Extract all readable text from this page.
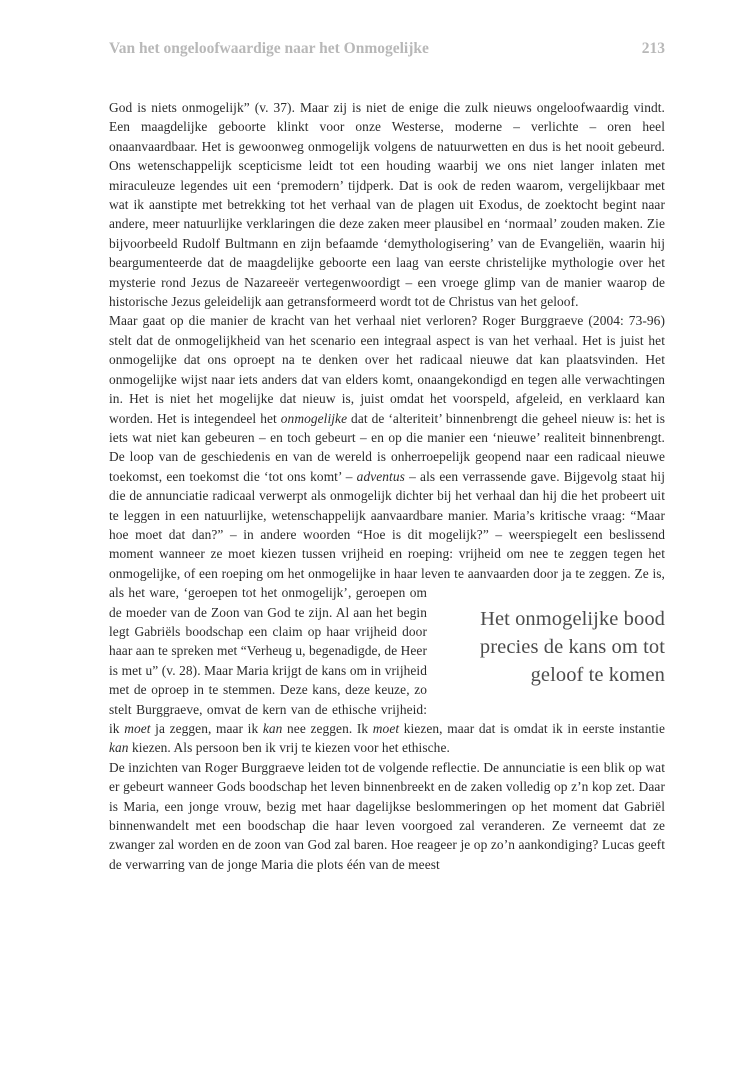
Van het ongeloofwaardige naar het Onmogelijke	213

God is niets onmogelijk” (v. 37). Maar zij is niet de enige die zulk nieuws ongeloofwaardig vindt. Een maagdelijke geboorte klinkt voor onze Westerse, moderne – verlichte – oren heel onaanvaardbaar. Het is gewoonweg onmogelijk volgens de natuurwetten en dus is het nooit gebeurd. Ons wetenschappelijk scepticisme leidt tot een houding waarbij we ons niet langer inlaten met miraculeuze legendes uit een ‘premodern’ tijdperk. Dat is ook de reden waarom, vergelijkbaar met wat ik aanstipte met betrekking tot het verhaal van de plagen uit Exodus, de zoektocht begint naar andere, meer natuurlijke verklaringen die deze zaken meer plausibel en ‘normaal’ zouden maken. Zie bijvoorbeeld Rudolf Bultmann en zijn befaamde ‘demythologisering’ van de Evangeliën, waarin hij beargumenteerde dat de maagdelijke geboorte een laag van eerste christelijke mythologie over het mysterie rond Jezus de Nazareeër vertegenwoordigt – een vroege glimp van de manier waarop de historische Jezus geleidelijk aan getransformeerd wordt tot de Christus van het geloof.

Maar gaat op die manier de kracht van het verhaal niet verloren? Roger Burggraeve (2004: 73-96) stelt dat de onmogelijkheid van het scenario een integraal aspect is van het verhaal. Het is juist het onmogelijke dat ons oproept na te denken over het radicaal nieuwe dat kan plaatsvinden. Het onmogelijke wijst naar iets anders dat van elders komt, onaangekondigd en tegen alle verwachtingen in. Het is niet het mogelijke dat nieuw is, juist omdat het voorspeld, afgeleid, en verklaard kan worden. Het is integendeel het onmogelijke dat de ‘alteriteit’ binnenbrengt die geheel nieuw is: het is iets wat niet kan gebeuren – en toch gebeurt – en op die manier een ‘nieuwe’ realiteit binnenbrengt. De loop van de geschiedenis en van de wereld is onherroepelijk geopend naar een radicaal nieuwe toekomst, een toekomst die ‘tot ons komt’ – adventus – als een verrassende gave. Bijgevolg staat hij die de annunciatie radicaal verwerpt als onmogelijk dichter bij het verhaal dan hij die het probeert uit te leggen in een natuurlijke, wetenschappelijk aanvaardbare manier. Maria’s kritische vraag: “Maar hoe moet dat dan?” – in andere woorden “Hoe is dit mogelijk?” – weerspiegelt een beslissend moment wanneer ze moet kiezen tussen vrijheid en roeping: vrijheid om nee te zeggen tegen het onmogelijke, of een roeping om het onmogelijke in haar leven te aanvaarden door ja te zeggen. Ze is, als het ware,
Het onmogelijke bood precies de kans om tot geloof te komen
‘geroepen tot het onmogelijk’, geroepen om de moeder van de Zoon van God te zijn. Al aan het begin legt Gabriëls boodschap een claim op haar vrijheid door haar aan te spreken met “Verheug u, begenadigde, de Heer is met u” (v. 28). Maar Maria krijgt de kans om in vrijheid met de oproep in te stemmen. Deze kans, deze keuze, zo stelt Burggraeve, omvat de kern van de ethische vrijheid: ik moet ja zeggen, maar ik kan nee zeggen. Ik moet kiezen, maar dat is omdat ik in eerste instantie kan kiezen. Als persoon ben ik vrij te kiezen voor het ethische.

De inzichten van Roger Burggraeve leiden tot de volgende reflectie. De annunciatie is een blik op wat er gebeurt wanneer Gods boodschap het leven binnenbreekt en de zaken volledig op z’n kop zet. Daar is Maria, een jonge vrouw, bezig met haar dagelijkse beslommeringen op het moment dat Gabriël binnenwandelt met een boodschap die haar leven voorgoed zal veranderen. Ze verneemt dat ze zwanger zal worden en de zoon van God zal baren. Hoe reageer je op zo’n aankondiging? Lucas geeft de verwarring van de jonge Maria die plots één van de meest
